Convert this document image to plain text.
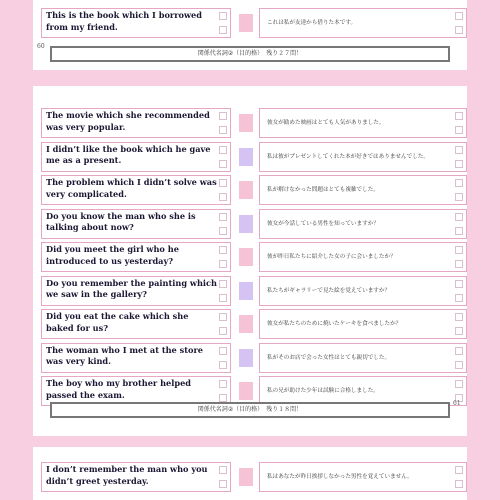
This is the book which I borrowed from my friend.	これは私が友達から借りた本です。
60
関係代名詞②（目的格）　残り２７問！
The movie which she recommended was very popular.	彼女が勧めた映画はとても人気がありました。
I didn’t like the book which he gave me as a present.	私は彼がプレゼントしてくれた本が好きではありませんでした。
The problem which I didn’t solve was very complicated.	私が解けなかった問題はとても複雑でした。
Do you know the man who she is talking about now?	彼女が今話している男性を知っていますか？
Did you meet the girl who he introduced to us yesterday?	彼が昨日私たちに紹介した女の子に会いましたか？
Do you remember the painting which we saw in the gallery?	私たちがギャラリーで見た絵を覚えていますか？
Did you eat the cake which she baked for us?	彼女が私たちのために焼いたケーキを食べましたか？
The woman who I met at the store was very kind.	私がそのお店で会った女性はとても親切でした。
The boy who my brother helped passed the exam.	私の兄が助けた少年は試験に合格しました。
関係代名詞②（目的格）　残り１８問！
61
I don’t remember the man who you didn’t greet yesterday.	私はあなたが昨日挨拶しなかった男性を覚えていません。
